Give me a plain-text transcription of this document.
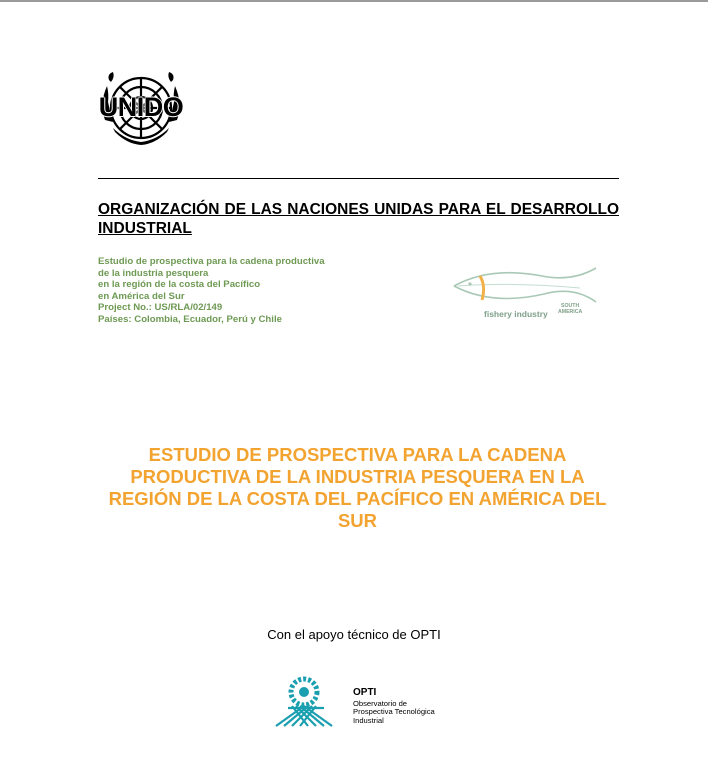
UNIDO

ORGANIZACIÓN DE LAS NACIONES UNIDAS PARA EL DESARROLLO INDUSTRIAL

Estudio de prospectiva para la cadena productiva
de la industria pesquera
en la región de la costa del Pacífico
en América del Sur
Project No.: US/RLA/02/149
Países: Colombia, Ecuador, Perú y Chile	fishery industry
SOUTH
AMERICA

ESTUDIO DE PROSPECTIVA PARA LA CADENA PRODUCTIVA DE LA INDUSTRIA PESQUERA EN LA REGIÓN DE LA COSTA DEL PACÍFICO EN AMÉRICA DEL SUR

Con el apoyo técnico de OPTI
OPTI
Observatorio de
Prospectiva Tecnológica
Industrial
